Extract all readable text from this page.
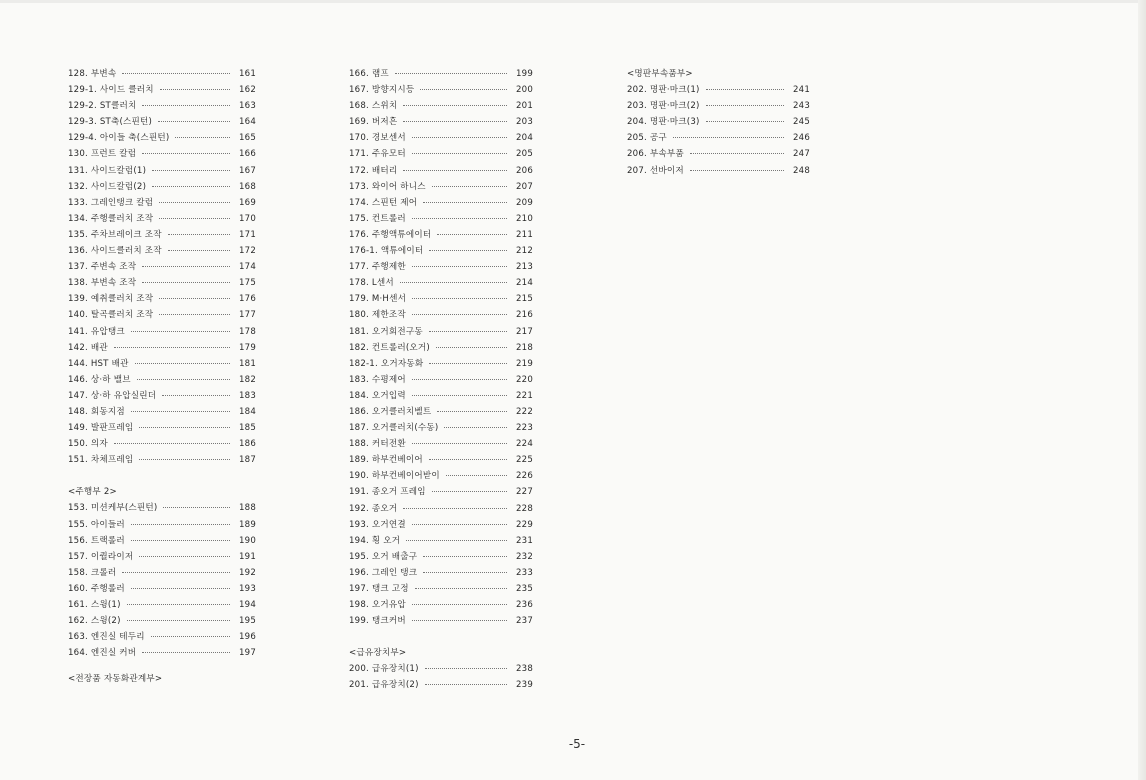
128. 부변속	161
129-1. 사이드 클러치	162
129-2. ST클러치	163
129-3. ST축(스핀턴)	164
129-4. 아이들 축(스핀턴)	165
130. 프런트 칼럼	166
131. 사이드칼럼(1)	167
132. 사이드칼럼(2)	168
133. 그레인탱크 칼럼	169
134. 주행클러치 조작	170
135. 주차브레이크 조작	171
136. 사이드클러치 조작	172
137. 주변속 조작	174
138. 부변속 조작	175
139. 예취클러치 조작	176
140. 탈곡클러치 조작	177
141. 유압탱크	178
142. 배관	179
144. HST 배관	181
146. 상·하 밸브	182
147. 상·하 유압실린더	183
148. 회동지점	184
149. 발판프레임	185
150. 의자	186
151. 차체프레임	187
<주행부 2>
153. 미션케부(스핀턴)	188
155. 아이들러	189
156. 트랙롤러	190
157. 이퀄라이저	191
158. 크롤러	192
160. 주행롤러	193
161. 스윙(1)	194
162. 스윙(2)	195
163. 엔진실 테두리	196
164. 엔진실 커버	197
<전장품 자동화관계부>
166. 램프	199
167. 방향지시등	200
168. 스위치	201
169. 버저흔	203
170. 경보센서	204
171. 주유모터	205
172. 배터리	206
173. 와이어 하니스	207
174. 스핀턴 제어	209
175. 컨트롤러	210
176. 주행액튜에이터	211
176-1. 액튜에이터	212
177. 주행제한	213
178. L센서	214
179. M·H센서	215
180. 제한조작	216
181. 오거회전구동	217
182. 컨트롤러(오거)	218
182-1. 오거자동화	219
183. 수평제어	220
184. 오거입력	221
186. 오거클러치벨트	222
187. 오거클러치(수동)	223
188. 커터전환	224
189. 하부컨베이어	225
190. 하부컨베이어받이	226
191. 종오거 프레임	227
192. 종오거	228
193. 오거연결	229
194. 횡 오거	231
195. 오거 배출구	232
196. 그레인 탱크	233
197. 탱크 고정	235
198. 오거유압	236
199. 탱크커버	237
<급유장치부>
200. 급유장치(1)	238
201. 급유장치(2)	239
<명판부속품부>
202. 명판·마크(1)	241
203. 명판·마크(2)	243
204. 명판·마크(3)	245
205. 공구	246
206. 부속부품	247
207. 선바이저	248
-5-
